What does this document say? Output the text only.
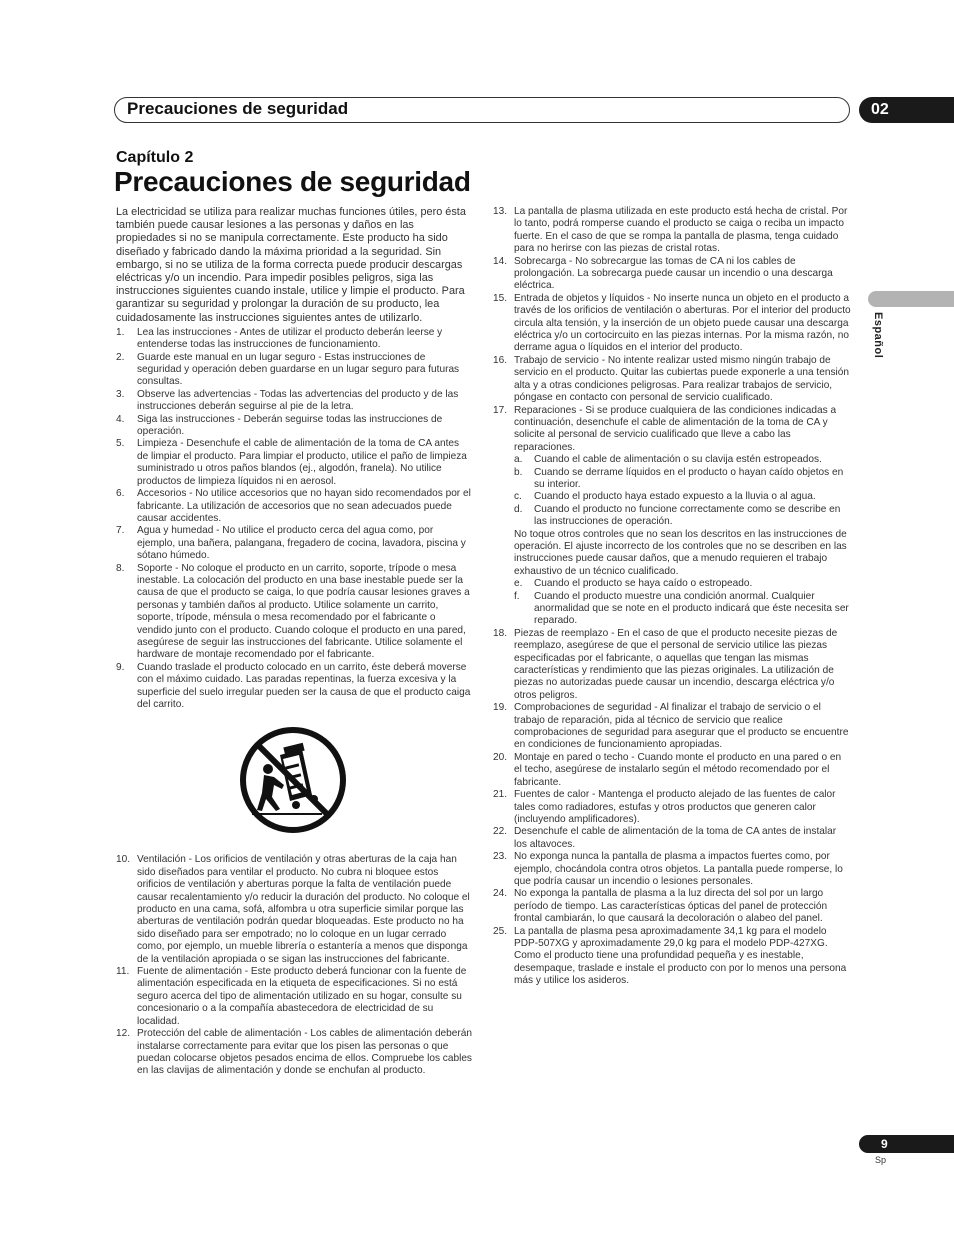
Precauciones de seguridad	02
Español
Capítulo 2
Precauciones de seguridad

La electricidad se utiliza para realizar muchas funciones útiles, pero ésta también puede causar lesiones a las personas y daños en las propiedades si no se manipula correctamente. Este producto ha sido diseñado y fabricado dando la máxima prioridad a la seguridad. Sin embargo, si no se utiliza de la forma correcta puede producir descargas eléctricas y/o un incendio. Para impedir posibles peligros, siga las instrucciones siguientes cuando instale, utilice y limpie el producto. Para garantizar su seguridad y prolongar la duración de su producto, lea cuidadosamente las instrucciones siguientes antes de utilizarlo.

1. Lea las instrucciones - Antes de utilizar el producto deberán leerse y entenderse todas las instrucciones de funcionamiento.
2. Guarde este manual en un lugar seguro - Estas instrucciones de seguridad y operación deben guardarse en un lugar seguro para futuras consultas.
3. Observe las advertencias - Todas las advertencias del producto y de las instrucciones deberán seguirse al pie de la letra.
4. Siga las instrucciones - Deberán seguirse todas las instrucciones de operación.
5. Limpieza - Desenchufe el cable de alimentación de la toma de CA antes de limpiar el producto. Para limpiar el producto, utilice el paño de limpieza suministrado u otros paños blandos (ej., algodón, franela). No utilice productos de limpieza líquidos ni en aerosol.
6. Accesorios - No utilice accesorios que no hayan sido recomendados por el fabricante. La utilización de accesorios que no sean adecuados puede causar accidentes.
7. Agua y humedad - No utilice el producto cerca del agua como, por ejemplo, una bañera, palangana, fregadero de cocina, lavadora, piscina y sótano húmedo.
8. Soporte - No coloque el producto en un carrito, soporte, trípode o mesa inestable. La colocación del producto en una base inestable puede ser la causa de que el producto se caiga, lo que podría causar lesiones graves a personas y también daños al producto. Utilice solamente un carrito, soporte, trípode, ménsula o mesa recomendado por el fabricante o vendido junto con el producto. Cuando coloque el producto en una pared, asegúrese de seguir las instrucciones del fabricante. Utilice solamente el hardware de montaje recomendado por el fabricante.
9. Cuando traslade el producto colocado en un carrito, éste deberá moverse con el máximo cuidado. Las paradas repentinas, la fuerza excesiva y la superficie del suelo irregular pueden ser la causa de que el producto caiga del carrito.
10. Ventilación - Los orificios de ventilación y otras aberturas de la caja han sido diseñados para ventilar el producto. No cubra ni bloquee estos orificios de ventilación y aberturas porque la falta de ventilación puede causar recalentamiento y/o reducir la duración del producto. No coloque el producto en una cama, sofá, alfombra u otra superficie similar porque las aberturas de ventilación podrán quedar bloqueadas. Este producto no ha sido diseñado para ser empotrado; no lo coloque en un lugar cerrado como, por ejemplo, un mueble librería o estantería a menos que disponga de la ventilación apropiada o se sigan las instrucciones del fabricante.
11. Fuente de alimentación - Este producto deberá funcionar con la fuente de alimentación especificada en la etiqueta de especificaciones. Si no está seguro acerca del tipo de alimentación utilizado en su hogar, consulte su concesionario o a la compañía abastecedora de electricidad de su localidad.
12. Protección del cable de alimentación - Los cables de alimentación deberán instalarse correctamente para evitar que los pisen las personas o que puedan colocarse objetos pesados encima de ellos. Compruebe los cables en las clavijas de alimentación y donde se enchufan al producto.
13. La pantalla de plasma utilizada en este producto está hecha de cristal. Por lo tanto, podrá romperse cuando el producto se caiga o reciba un impacto fuerte. En el caso de que se rompa la pantalla de plasma, tenga cuidado para no herirse con las piezas de cristal rotas.
14. Sobrecarga - No sobrecargue las tomas de CA ni los cables de prolongación. La sobrecarga puede causar un incendio o una descarga eléctrica.
15. Entrada de objetos y líquidos - No inserte nunca un objeto en el producto a través de los orificios de ventilación o aberturas. Por el interior del producto circula alta tensión, y la inserción de un objeto puede causar una descarga eléctrica y/o un cortocircuito en las piezas internas. Por la misma razón, no derrame agua o líquidos en el interior del producto.
16. Trabajo de servicio - No intente realizar usted mismo ningún trabajo de servicio en el producto. Quitar las cubiertas puede exponerle a una tensión alta y a otras condiciones peligrosas. Para realizar trabajos de servicio, póngase en contacto con personal de servicio cualificado.
17. Reparaciones - Si se produce cualquiera de las condiciones indicadas a continuación, desenchufe el cable de alimentación de la toma de CA y solicite al personal de servicio cualificado que lleve a cabo las reparaciones.
a. Cuando el cable de alimentación o su clavija estén estropeados.
b. Cuando se derrame líquidos en el producto o hayan caído objetos en su interior.
c. Cuando el producto haya estado expuesto a la lluvia o al agua.
d. Cuando el producto no funcione correctamente como se describe en las instrucciones de operación.

No toque otros controles que no sean los descritos en las instrucciones de operación. El ajuste incorrecto de los controles que no se describen en las instrucciones puede causar daños, que a menudo requieren el trabajo exhaustivo de un técnico cualificado.

e. Cuando el producto se haya caído o estropeado.
f. Cuando el producto muestre una condición anormal. Cualquier anormalidad que se note en el producto indicará que éste necesita ser reparado.
18. Piezas de reemplazo - En el caso de que el producto necesite piezas de reemplazo, asegúrese de que el personal de servicio utilice las piezas especificadas por el fabricante, o aquellas que tengan las mismas características y rendimiento que las piezas originales. La utilización de piezas no autorizadas puede causar un incendio, descarga eléctrica y/o otros peligros.
19. Comprobaciones de seguridad - Al finalizar el trabajo de servicio o el trabajo de reparación, pida al técnico de servicio que realice comprobaciones de seguridad para asegurar que el producto se encuentre en condiciones de funcionamiento apropiadas.
20. Montaje en pared o techo - Cuando monte el producto en una pared o en el techo, asegúrese de instalarlo según el método recomendado por el fabricante.
21. Fuentes de calor - Mantenga el producto alejado de las fuentes de calor tales como radiadores, estufas y otros productos que generen calor (incluyendo amplificadores).
22. Desenchufe el cable de alimentación de la toma de CA antes de instalar los altavoces.
23. No exponga nunca la pantalla de plasma a impactos fuertes como, por ejemplo, chocándola contra otros objetos. La pantalla puede romperse, lo que podría causar un incendio o lesiones personales.
24. No exponga la pantalla de plasma a la luz directa del sol por un largo período de tiempo. Las características ópticas del panel de protección frontal cambiarán, lo que causará la decoloración o alabeo del panel.
25. La pantalla de plasma pesa aproximadamente 34,1 kg para el modelo PDP-507XG y aproximadamente 29,0 kg para el modelo PDP-427XG. Como el producto tiene una profundidad pequeña y es inestable, desempaque, traslade e instale el producto con por lo menos una persona más y utilice los asideros.
9
Sp
